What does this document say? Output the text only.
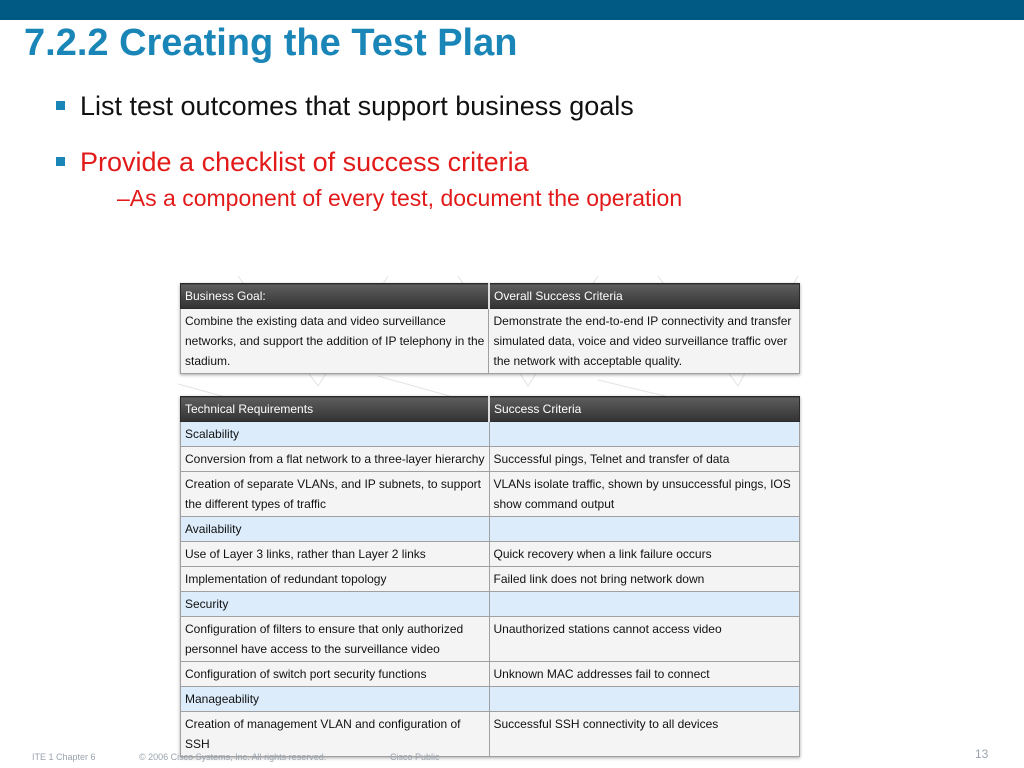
7.2.2 Creating the Test Plan
List test outcomes that support business goals
Provide a checklist of success criteria
–As a component of every test, document the operation
Business Goal:	Overall Success Criteria
Combine the existing data and video surveillance networks, and support the addition of IP telephony in the stadium.	Demonstrate the end-to-end IP connectivity and transfer simulated data, voice and video surveillance traffic over the network with acceptable quality.
Technical Requirements	Success Criteria
Scalability	
Conversion from a flat network to a three-layer hierarchy	Successful pings, Telnet and transfer of data
Creation of separate VLANs, and IP subnets, to support the different types of traffic	VLANs isolate traffic, shown by unsuccessful pings, IOS show command output
Availability	
Use of Layer 3 links, rather than Layer 2 links	Quick recovery when a link failure occurs
Implementation of redundant topology	Failed link does not bring network down
Security	
Configuration of filters to ensure that only authorized personnel have access to the surveillance video	Unauthorized stations cannot access video
Configuration of switch port security functions	Unknown MAC addresses fail to connect
Manageability	
Creation of management VLAN and configuration of SSH	Successful SSH connectivity to all devices
ITE 1 Chapter 6	© 2006 Cisco Systems, Inc. All rights reserved.	Cisco Public	13
